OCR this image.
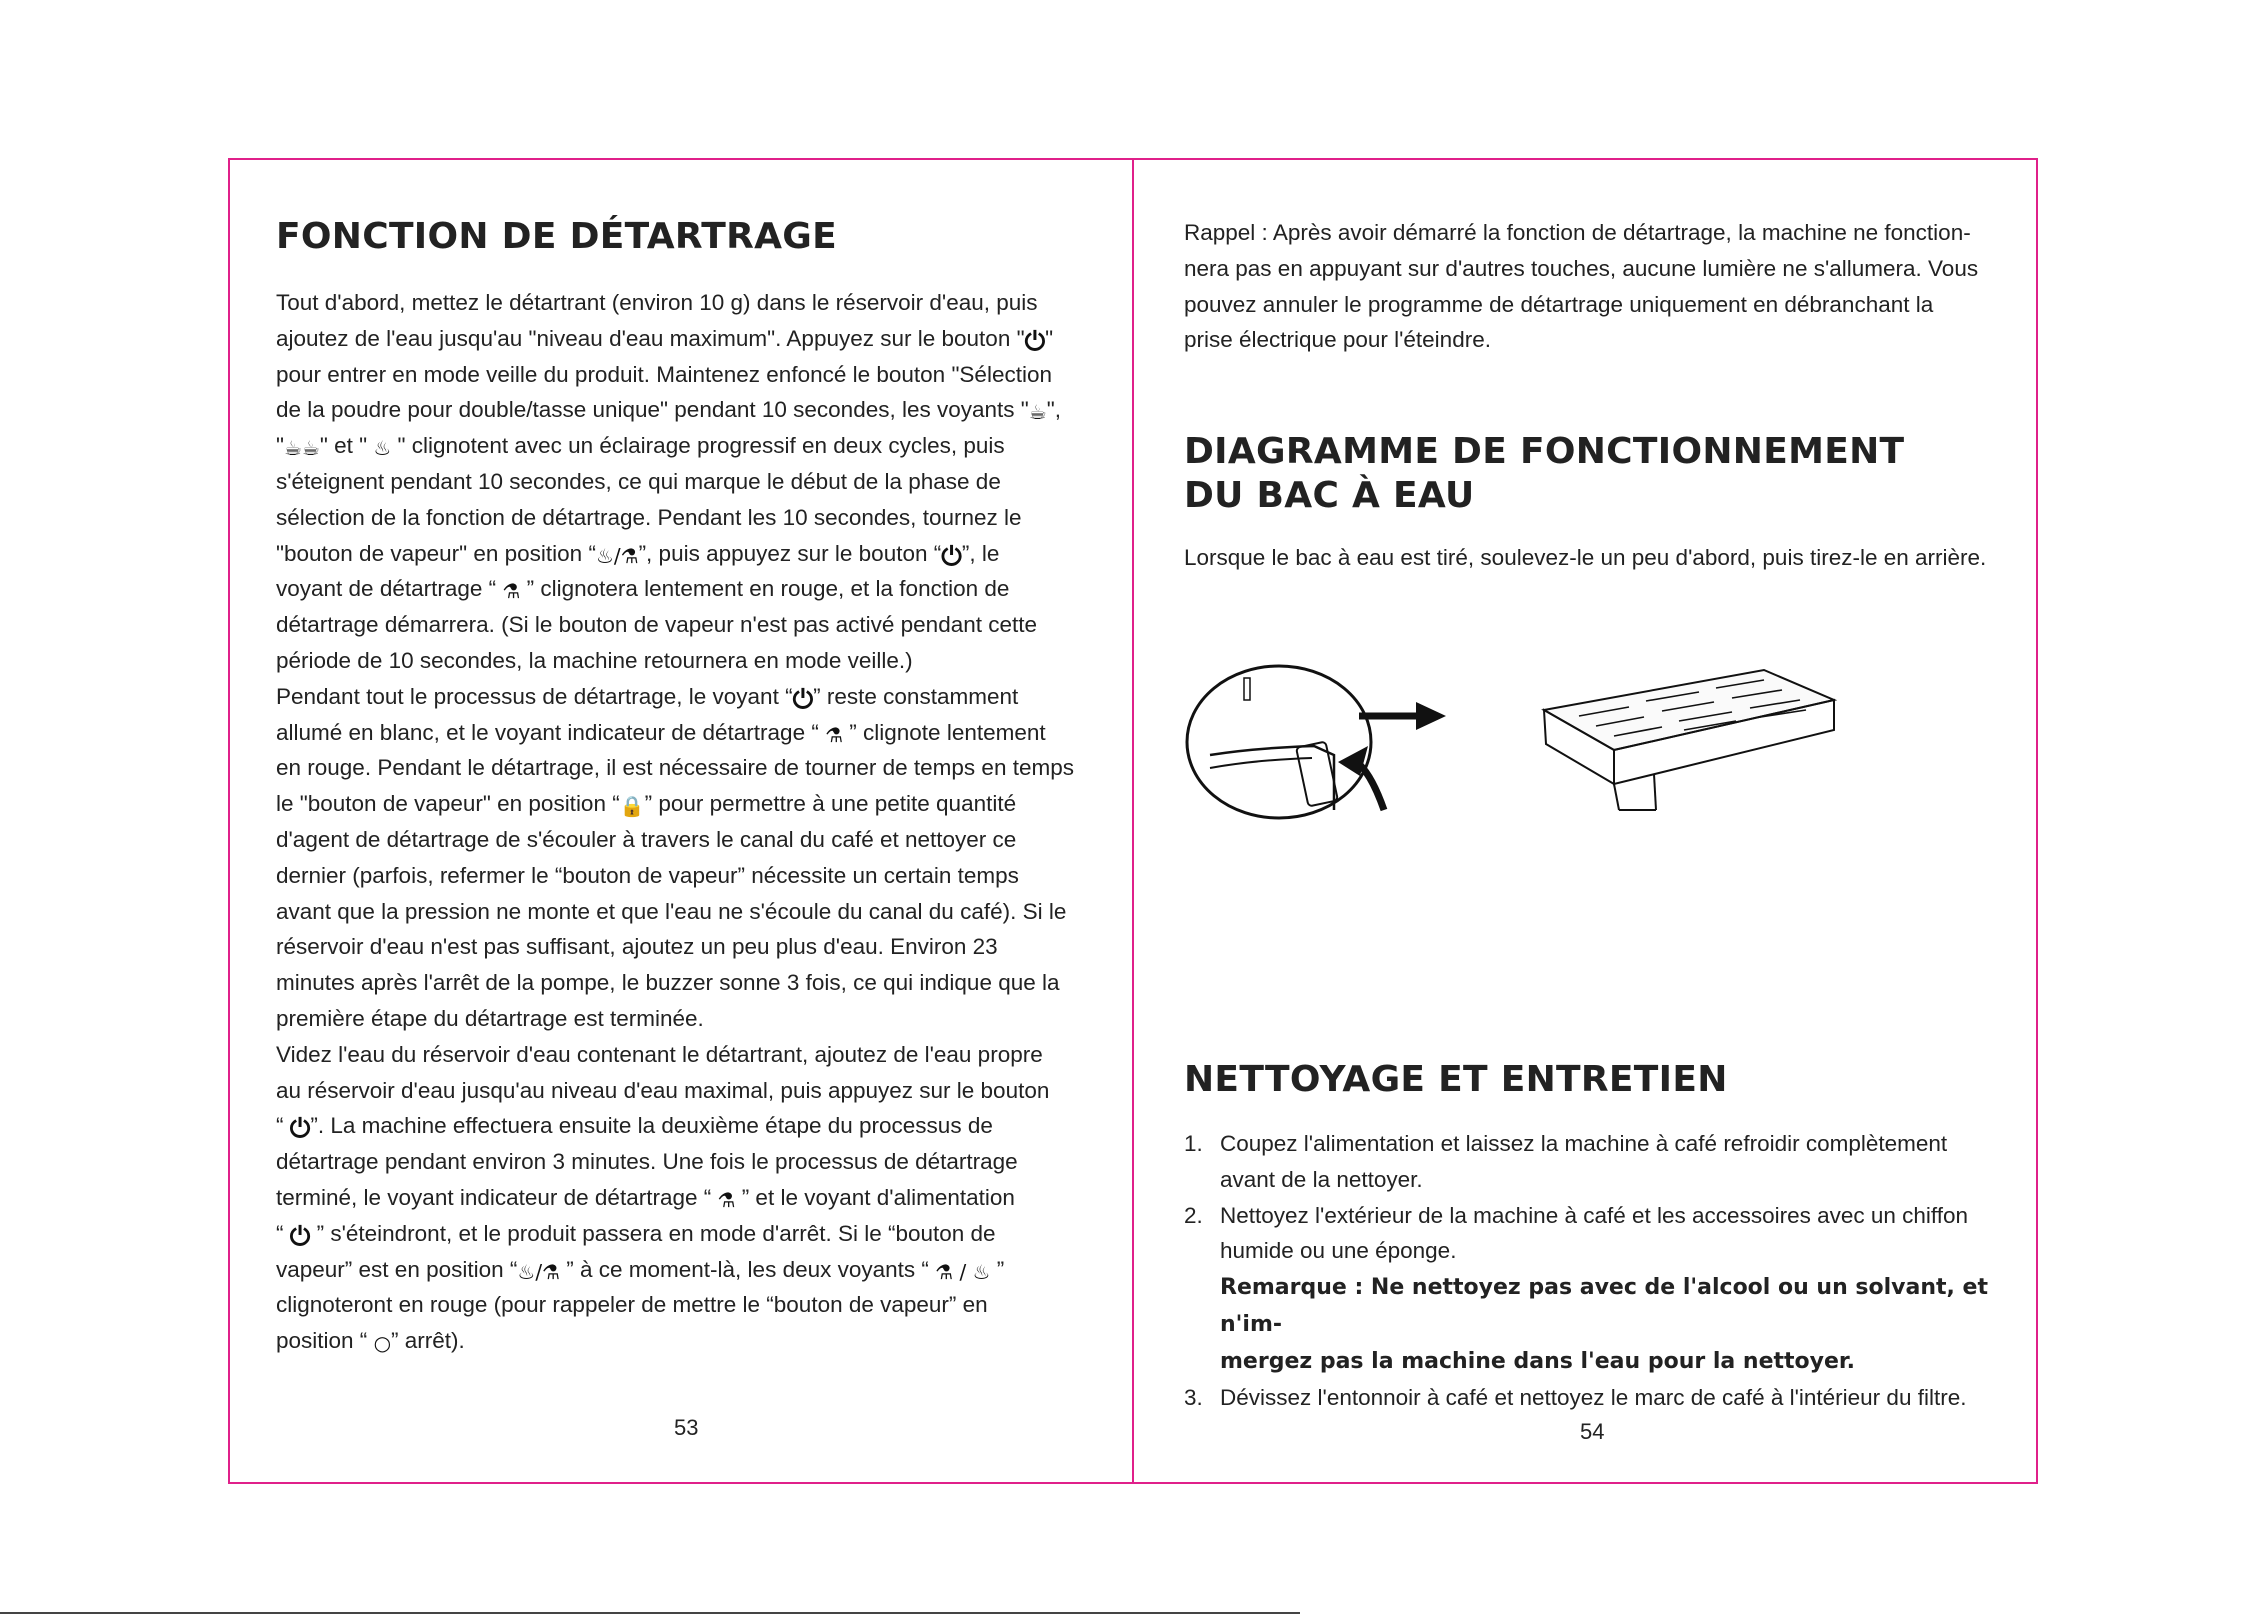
FONCTION DE DÉTARTRAGE

Tout d'abord, mettez le détartrant (environ 10 g) dans le réservoir d'eau, puis

ajoutez de l'eau jusqu'au "niveau d'eau maximum". Appuyez sur le bouton "⏻"

pour entrer en mode veille du produit. Maintenez enfoncé le bouton "Sélection

de la poudre pour double/tasse unique" pendant 10 secondes, les voyants "☕",

"☕☕" et " ♨ " clignotent avec un éclairage progressif en deux cycles, puis

s'éteignent pendant 10 secondes, ce qui marque le début de la phase de

sélection de la fonction de détartrage. Pendant les 10 secondes, tournez le

"bouton de vapeur" en position “♨/⚗”, puis appuyez sur le bouton “⏻”, le

voyant de détartrage “ ⚗ ” clignotera lentement en rouge, et la fonction de

détartrage démarrera. (Si le bouton de vapeur n'est pas activé pendant cette

période de 10 secondes, la machine retournera en mode veille.)

Pendant tout le processus de détartrage, le voyant “⏻” reste constamment

allumé en blanc, et le voyant indicateur de détartrage “ ⚗ ” clignote lentement

en rouge. Pendant le détartrage, il est nécessaire de tourner de temps en temps

le "bouton de vapeur" en position “🔒” pour permettre à une petite quantité

d'agent de détartrage de s'écouler à travers le canal du café et nettoyer ce

dernier (parfois, refermer le “bouton de vapeur” nécessite un certain temps

avant que la pression ne monte et que l'eau ne s'écoule du canal du café). Si le

réservoir d'eau n'est pas suffisant, ajoutez un peu plus d'eau. Environ 23

minutes après l'arrêt de la pompe, le buzzer sonne 3 fois, ce qui indique que la

première étape du détartrage est terminée.

Videz l'eau du réservoir d'eau contenant le détartrant, ajoutez de l'eau propre

au réservoir d'eau jusqu'au niveau d'eau maximal, puis appuyez sur le bouton

“ ⏻”. La machine effectuera ensuite la deuxième étape du processus de

détartrage pendant environ 3 minutes. Une fois le processus de détartrage

terminé, le voyant indicateur de détartrage “ ⚗ ” et le voyant d'alimentation

“ ⏻ ” s'éteindront, et le produit passera en mode d'arrêt. Si le “bouton de

vapeur” est en position “♨/⚗ ” à ce moment-là, les deux voyants “ ⚗ / ♨ ”

clignoteront en rouge (pour rappeler de mettre le “bouton de vapeur” en

position “ ○” arrêt).

53

Rappel : Après avoir démarré la fonction de détartrage, la machine ne fonction-

nera pas en appuyant sur d'autres touches, aucune lumière ne s'allumera. Vous

pouvez annuler le programme de détartrage uniquement en débranchant la

prise électrique pour l'éteindre.

DIAGRAMME DE FONCTIONNEMENT
DU BAC À EAU

Lorsque le bac à eau est tiré, soulevez-le un peu d'abord, puis tirez-le en arrière.

NETTOYAGE ET ENTRETIEN
1. Coupez l'alimentation et laissez la machine à café refroidir complètement
avant de la nettoyer.
2. Nettoyez l'extérieur de la machine à café et les accessoires avec un chiffon
humide ou une éponge.
Remarque : Ne nettoyez pas avec de l'alcool ou un solvant, et n'im-
mergez pas la machine dans l'eau pour la nettoyer.
3. Dévissez l'entonnoir à café et nettoyez le marc de café à l'intérieur du filtre.
54
